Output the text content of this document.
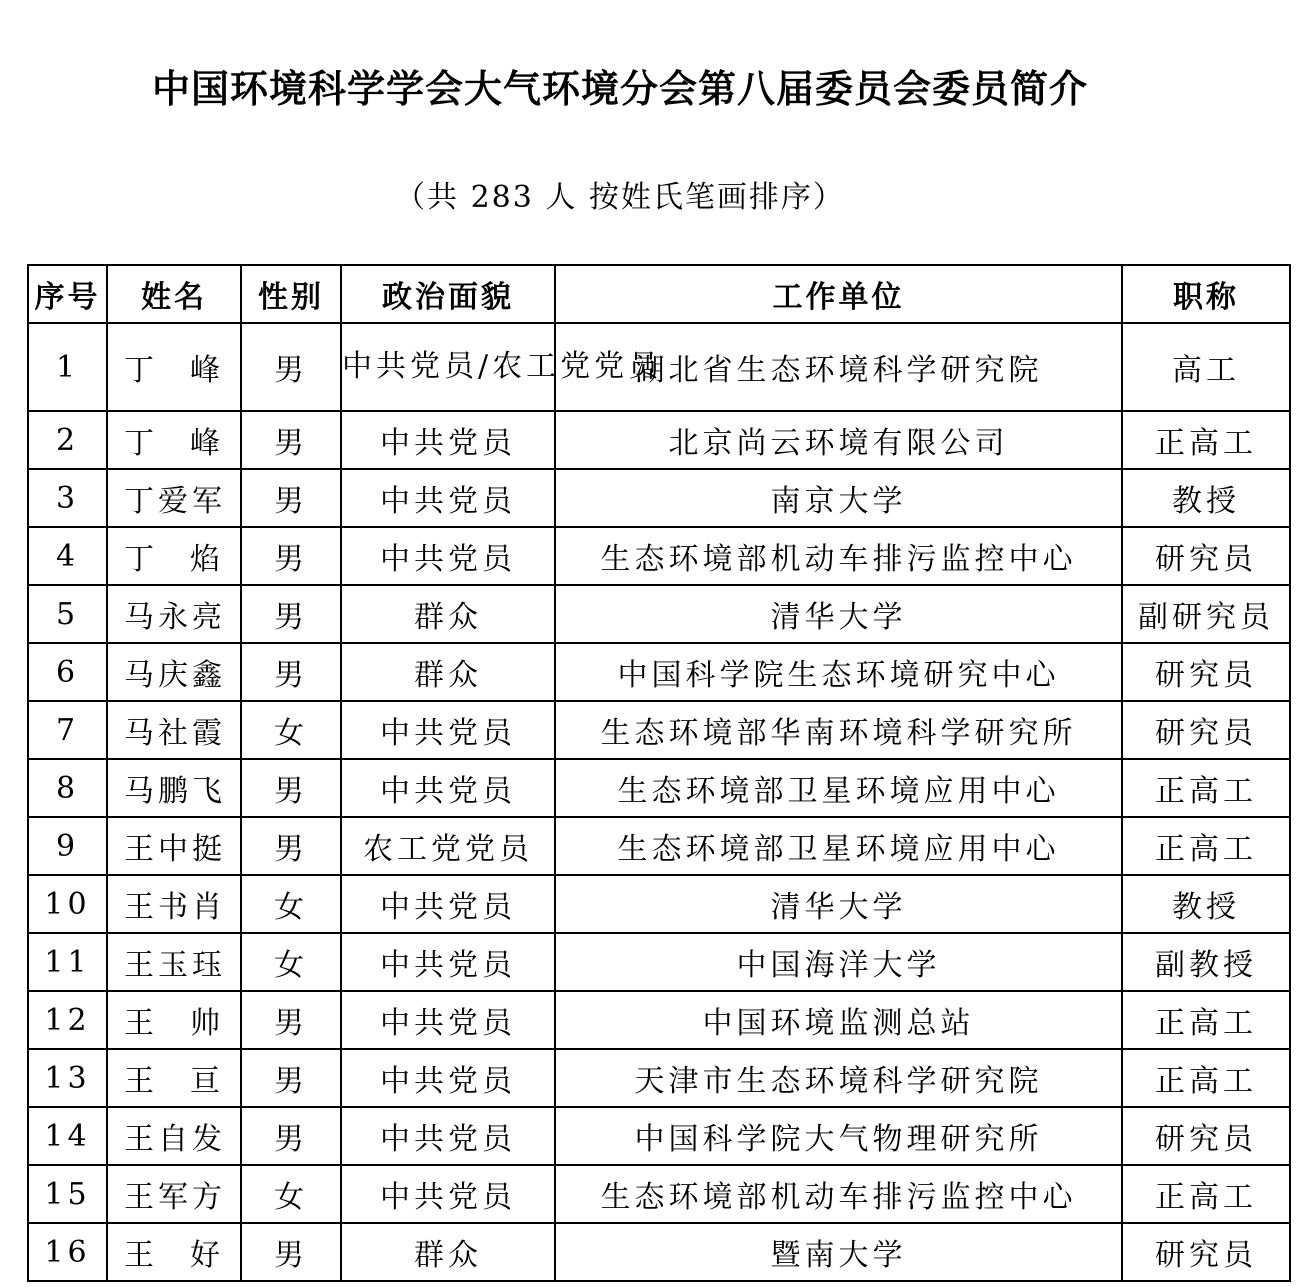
中国环境科学学会大气环境分会第八届委员会委员简介
（共 283 人 按姓氏笔画排序）
序号	姓名	性别	政治面貌	工作单位	职称
1	丁峰	男	中共党员/农工党党员	湖北省生态环境科学研究院	高工
2	丁峰	男	中共党员	北京尚云环境有限公司	正高工
3	丁爱军	男	中共党员	南京大学	教授
4	丁焰	男	中共党员	生态环境部机动车排污监控中心	研究员
5	马永亮	男	群众	清华大学	副研究员
6	马庆鑫	男	群众	中国科学院生态环境研究中心	研究员
7	马社霞	女	中共党员	生态环境部华南环境科学研究所	研究员
8	马鹏飞	男	中共党员	生态环境部卫星环境应用中心	正高工
9	王中挺	男	农工党党员	生态环境部卫星环境应用中心	正高工
10	王书肖	女	中共党员	清华大学	教授
11	王玉珏	女	中共党员	中国海洋大学	副教授
12	王帅	男	中共党员	中国环境监测总站	正高工
13	王亘	男	中共党员	天津市生态环境科学研究院	正高工
14	王自发	男	中共党员	中国科学院大气物理研究所	研究员
15	王军方	女	中共党员	生态环境部机动车排污监控中心	正高工
16	王好	男	群众	暨南大学	研究员
